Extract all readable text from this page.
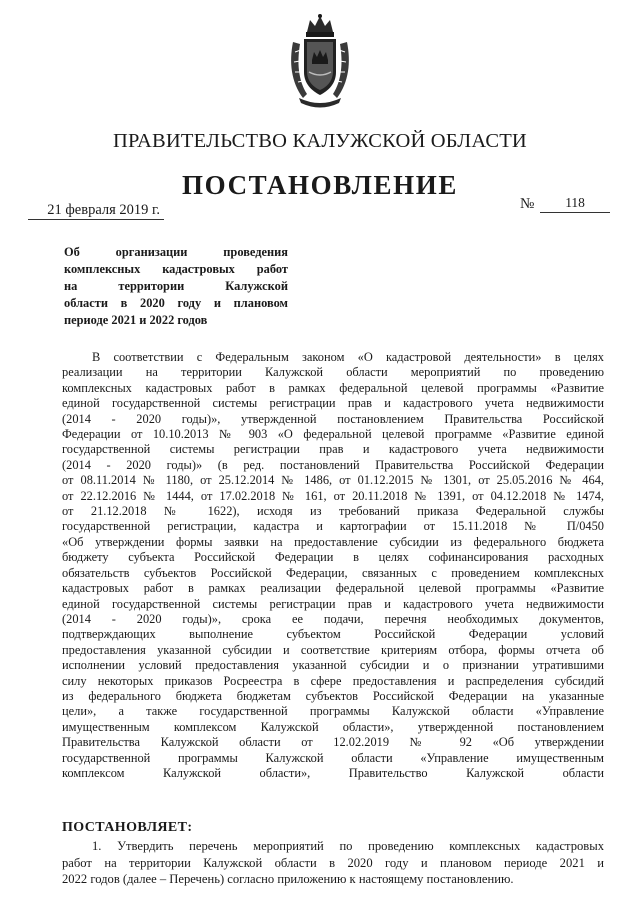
ПРАВИТЕЛЬСТВО КАЛУЖСКОЙ ОБЛАСТИ
ПОСТАНОВЛЕНИЕ
21 февраля 2019 г.	№ 118
Об организации проведения
комплексных кадастровых работ
на территории Калужской
области в 2020 году и плановом
периоде 2021 и 2022 годов
В соответствии с Федеральным законом «О кадастровой деятельности» в целях
реализации на территории Калужской области мероприятий по проведению
комплексных кадастровых работ в рамках федеральной целевой программы «Развитие
единой государственной системы регистрации прав и кадастрового учета недвижимости
(2014 - 2020 годы)», утвержденной постановлением Правительства Российской
Федерации от 10.10.2013 № 903 «О федеральной целевой программе «Развитие единой
государственной системы регистрации прав и кадастрового учета недвижимости
(2014 - 2020 годы)» (в ред. постановлений Правительства Российской Федерации
от 08.11.2014 № 1180, от 25.12.2014 № 1486, от 01.12.2015 № 1301, от 25.05.2016 № 464,
от 22.12.2016 № 1444, от 17.02.2018 № 161, от 20.11.2018 № 1391, от 04.12.2018 № 1474,
от 21.12.2018 № 1622), исходя из требований приказа Федеральной службы
государственной регистрации, кадастра и картографии от 15.11.2018 № П/0450
«Об утверждении формы заявки на предоставление субсидии из федерального бюджета
бюджету субъекта Российской Федерации в целях софинансирования расходных
обязательств субъектов Российской Федерации, связанных с проведением комплексных
кадастровых работ в рамках реализации федеральной целевой программы «Развитие
единой государственной системы регистрации прав и кадастрового учета недвижимости
(2014 - 2020 годы)», срока ее подачи, перечня необходимых документов,
подтверждающих выполнение субъектом Российской Федерации условий
предоставления указанной субсидии и соответствие критериям отбора, формы отчета об
исполнении условий предоставления указанной субсидии и о признании утратившими
силу некоторых приказов Росреестра в сфере предоставления и распределения субсидий
из федерального бюджета бюджетам субъектов Российской Федерации на указанные
цели», а также государственной программы Калужской области «Управление
имущественным комплексом Калужской области», утвержденной постановлением
Правительства Калужской области от 12.02.2019 № 92 «Об утверждении
государственной программы Калужской области «Управление имущественным
комплексом Калужской области», Правительство Калужской области
ПОСТАНОВЛЯЕТ:
1. Утвердить перечень мероприятий по проведению комплексных кадастровых
работ на территории Калужской области в 2020 году и плановом периоде 2021 и
2022 годов (далее – Перечень) согласно приложению к настоящему постановлению.
